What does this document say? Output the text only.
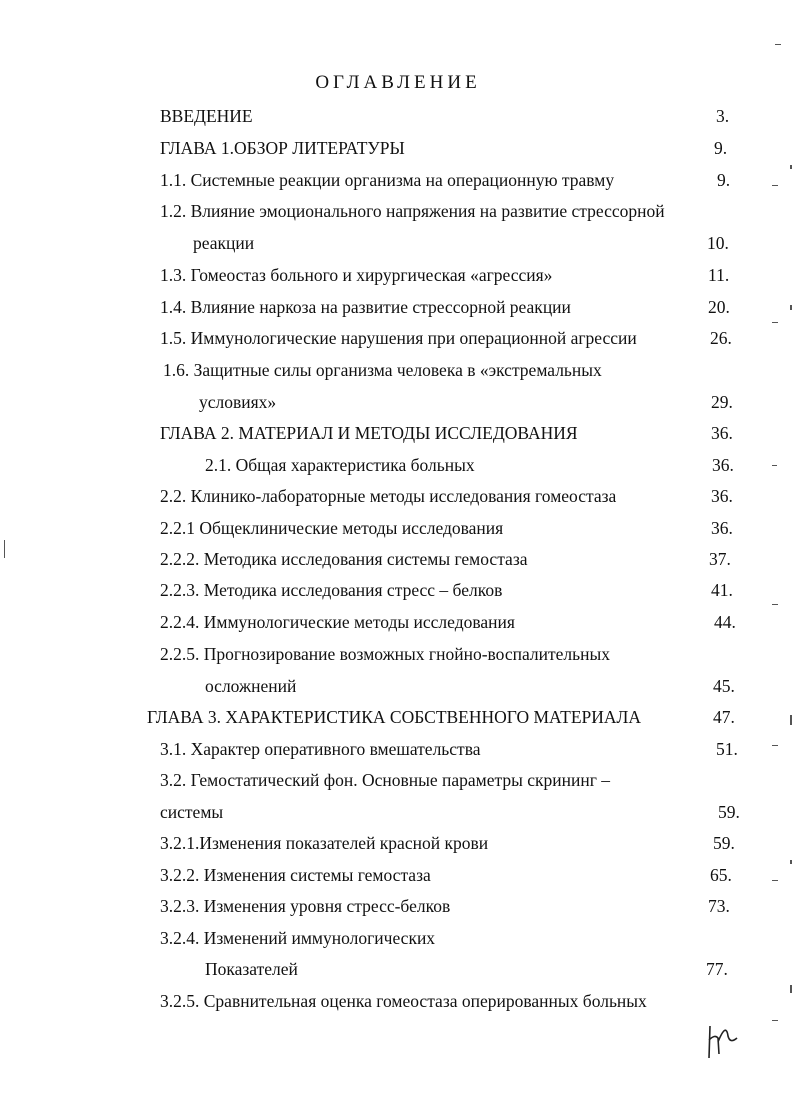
ОГЛАВЛЕНИЕ
ВВЕДЕНИЕ	3.
ГЛАВА 1.ОБЗОР ЛИТЕРАТУРЫ	9.
1.1. Системные реакции организма на операционную травму	9.
1.2. Влияние эмоционального напряжения на развитие стрессорной
реакции	10.
1.3. Гомеостаз больного и хирургическая «агрессия»	11.
1.4. Влияние наркоза на развитие стрессорной реакции	20.
1.5. Иммунологические нарушения при операционной агрессии	26.
1.6. Защитные силы организма человека в «экстремальных
условиях»	29.
ГЛАВА 2. МАТЕРИАЛ И МЕТОДЫ ИССЛЕДОВАНИЯ	36.
2.1. Общая характеристика больных	36.
2.2. Клинико-лабораторные методы исследования гомеостаза	36.
2.2.1 Общеклинические методы исследования	36.
2.2.2. Методика исследования системы гемостаза	37.
2.2.3. Методика исследования стресс – белков	41.
2.2.4. Иммунологические методы исследования	44.
2.2.5. Прогнозирование возможных гнойно-воспалительных
осложнений	45.
ГЛАВА 3. ХАРАКТЕРИСТИКА СОБСТВЕННОГО МАТЕРИАЛА	47.
3.1. Характер оперативного вмешательства	51.
3.2. Гемостатический фон. Основные параметры скрининг –
системы	59.
3.2.1.Изменения показателей красной крови	59.
3.2.2. Изменения системы гемостаза	65.
3.2.3. Изменения уровня стресс-белков	73.
3.2.4. Изменений иммунологических
Показателей	77.
3.2.5. Сравнительная оценка гомеостаза оперированных больных
